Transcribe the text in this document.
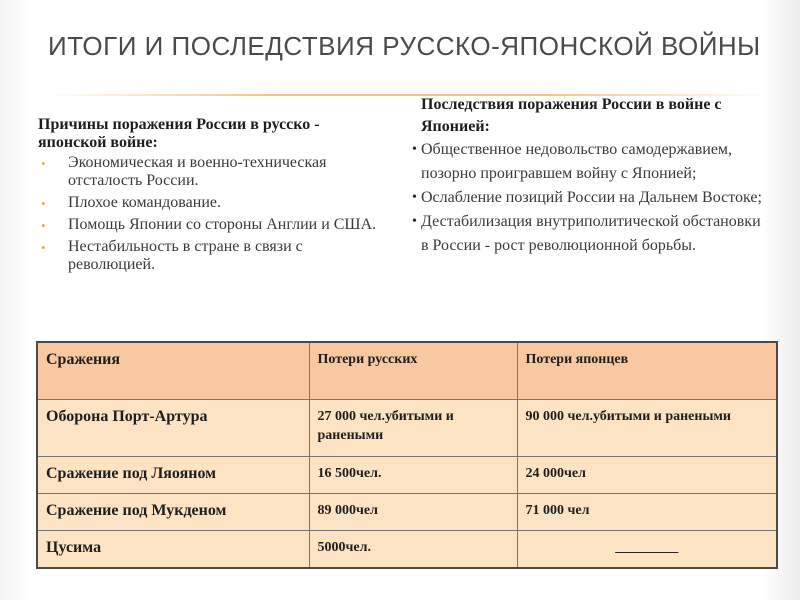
ИТОГИ И ПОСЛЕДСТВИЯ РУССКО-ЯПОНСКОЙ ВОЙНЫ
Причины поражения России в русско - японской войне:
• Экономическая и военно-техническая отсталость России.
• Плохое командование.
• Помощь Японии со стороны Англии и США.
• Нестабильность в стране в связи с революцией.
Последствия поражения России в войне с Японией:
• Общественное недовольство самодержавием, позорно проигравшем войну с Японией;
• Ослабление позиций России на Дальнем Востоке;
• Дестабилизация внутриполитической обстановки в России - рост революционной борьбы.
Сражения	Потери русских	Потери японцев
Оборона Порт-Артура	27 000 чел.убитыми и ранеными	90 000 чел.убитыми и ранеными
Сражение под Ляояном	16 500чел.	24 000чел
Сражение под Мукденом	89 000чел	71 000 чел
Цусима	5000чел.	_________
